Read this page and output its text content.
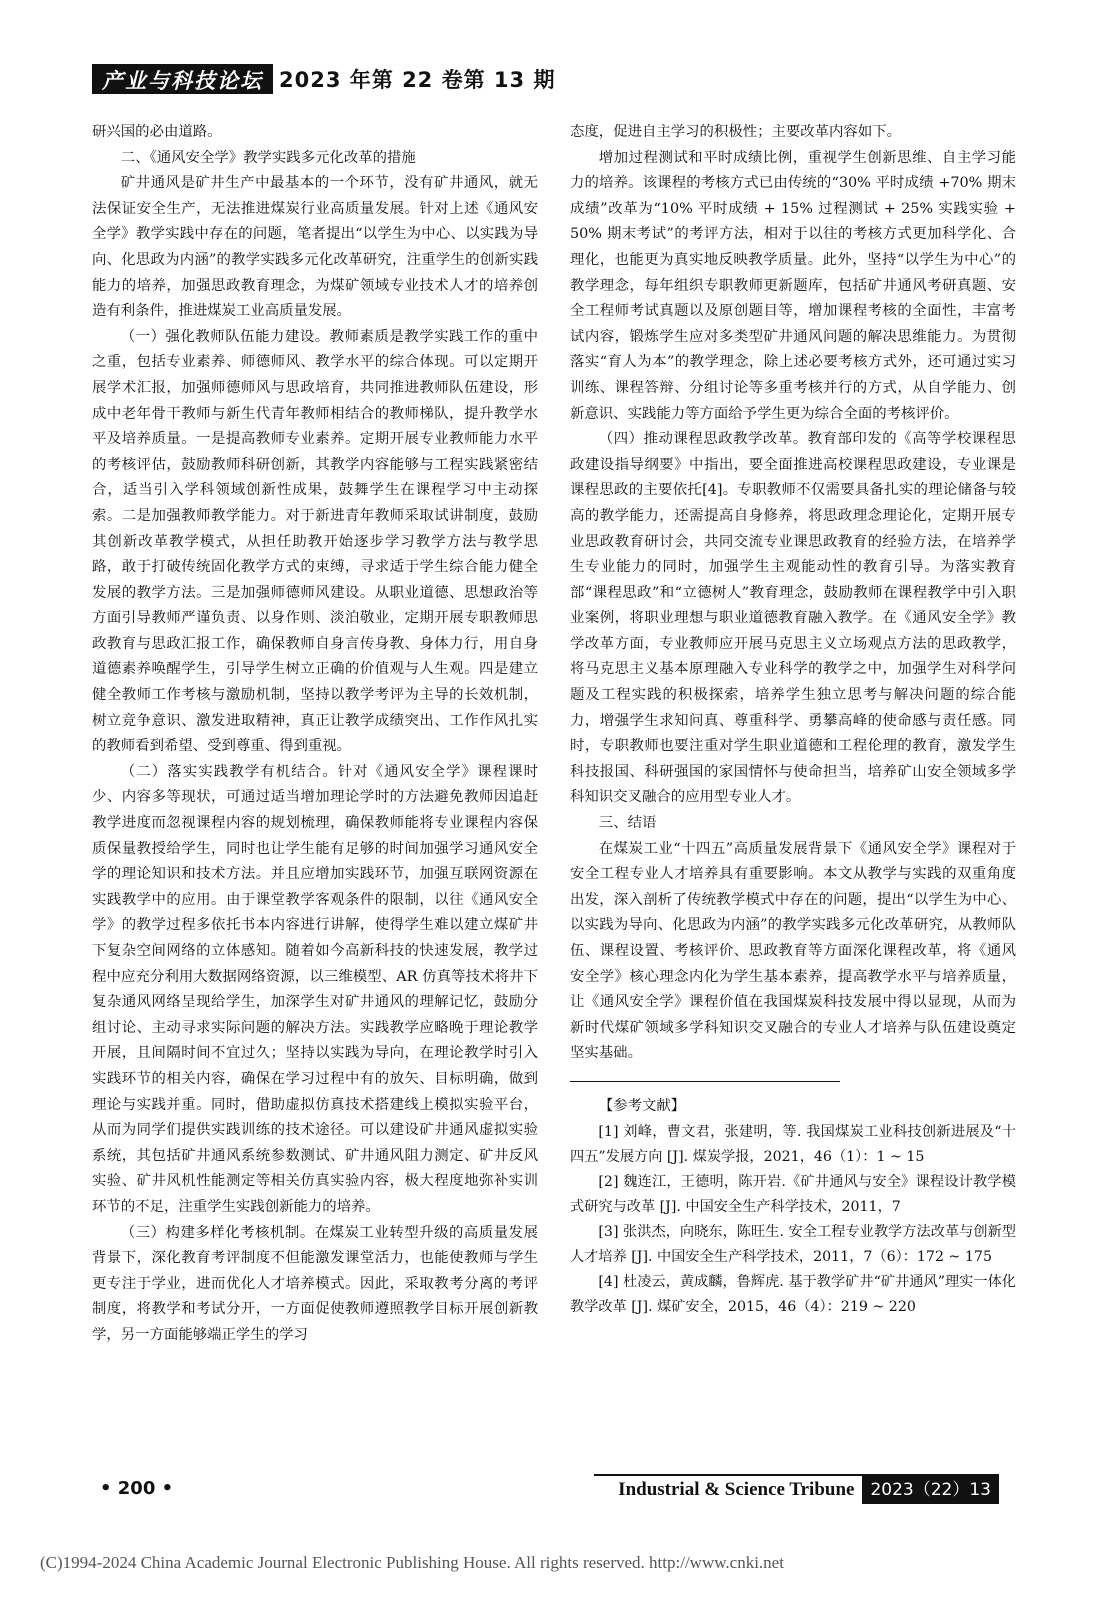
产业与科技论坛 2023 年第 22 卷第 13 期

研兴国的必由道路。

二、《通风安全学》教学实践多元化改革的措施

矿井通风是矿井生产中最基本的一个环节，没有矿井通风，就无法保证安全生产，无法推进煤炭行业高质量发展。针对上述《通风安全学》教学实践中存在的问题，笔者提出“以学生为中心、以实践为导向、化思政为内涵”的教学实践多元化改革研究，注重学生的创新实践能力的培养，加强思政教育理念，为煤矿领域专业技术人才的培养创造有利条件，推进煤炭工业高质量发展。

（一）强化教师队伍能力建设。教师素质是教学实践工作的重中之重，包括专业素养、师德师风、教学水平的综合体现。可以定期开展学术汇报，加强师德师风与思政培育，共同推进教师队伍建设，形成中老年骨干教师与新生代青年教师相结合的教师梯队，提升教学水平及培养质量。一是提高教师专业素养。定期开展专业教师能力水平的考核评估，鼓励教师科研创新，其教学内容能够与工程实践紧密结合，适当引入学科领域创新性成果，鼓舞学生在课程学习中主动探索。二是加强教师教学能力。对于新进青年教师采取试讲制度，鼓励其创新改革教学模式，从担任助教开始逐步学习教学方法与教学思路，敢于打破传统固化教学方式的束缚，寻求适于学生综合能力健全发展的教学方法。三是加强师德师风建设。从职业道德、思想政治等方面引导教师严谨负责、以身作则、淡泊敬业，定期开展专职教师思政教育与思政汇报工作，确保教师自身言传身教、身体力行，用自身道德素养唤醒学生，引导学生树立正确的价值观与人生观。四是建立健全教师工作考核与激励机制，坚持以教学考评为主导的长效机制，树立竞争意识、激发进取精神，真正让教学成绩突出、工作作风扎实的教师看到希望、受到尊重、得到重视。

（二）落实实践教学有机结合。针对《通风安全学》课程课时少、内容多等现状，可通过适当增加理论学时的方法避免教师因追赶教学进度而忽视课程内容的规划梳理，确保教师能将专业课程内容保质保量教授给学生，同时也让学生能有足够的时间加强学习通风安全学的理论知识和技术方法。并且应增加实践环节，加强互联网资源在实践教学中的应用。由于课堂教学客观条件的限制，以往《通风安全学》的教学过程多依托书本内容进行讲解，使得学生难以建立煤矿井下复杂空间网络的立体感知。随着如今高新科技的快速发展，教学过程中应充分利用大数据网络资源，以三维模型、AR 仿真等技术将井下复杂通风网络呈现给学生，加深学生对矿井通风的理解记忆，鼓励分组讨论、主动寻求实际问题的解决方法。实践教学应略晚于理论教学开展，且间隔时间不宜过久；坚持以实践为导向，在理论教学时引入实践环节的相关内容，确保在学习过程中有的放矢、目标明确，做到理论与实践并重。同时，借助虚拟仿真技术搭建线上模拟实验平台，从而为同学们提供实践训练的技术途径。可以建设矿井通风虚拟实验系统，其包括矿井通风系统参数测试、矿井通风阻力测定、矿井反风实验、矿井风机性能测定等相关仿真实验内容，极大程度地弥补实训环节的不足，注重学生实践创新能力的培养。

（三）构建多样化考核机制。在煤炭工业转型升级的高质量发展背景下，深化教育考评制度不但能激发课堂活力，也能使教师与学生更专注于学业，进而优化人才培养模式。因此，采取教考分离的考评制度，将教学和考试分开，一方面促使教师遵照教学目标开展创新教学，另一方面能够端正学生的学习

态度，促进自主学习的积极性；主要改革内容如下。

增加过程测试和平时成绩比例，重视学生创新思维、自主学习能力的培养。该课程的考核方式已由传统的“30% 平时成绩 +70% 期末成绩”改革为“10% 平时成绩 + 15% 过程测试 + 25% 实践实验 + 50% 期末考试”的考评方法，相对于以往的考核方式更加科学化、合理化，也能更为真实地反映教学质量。此外，坚持“以学生为中心”的教学理念，每年组织专职教师更新题库，包括矿井通风考研真题、安全工程师考试真题以及原创题目等，增加课程考核的全面性，丰富考试内容，锻炼学生应对多类型矿井通风问题的解决思维能力。为贯彻落实“育人为本”的教学理念，除上述必要考核方式外，还可通过实习训练、课程答辩、分组讨论等多重考核并行的方式，从自学能力、创新意识、实践能力等方面给予学生更为综合全面的考核评价。

（四）推动课程思政教学改革。教育部印发的《高等学校课程思政建设指导纲要》中指出，要全面推进高校课程思政建设，专业课是课程思政的主要依托[4]。专职教师不仅需要具备扎实的理论储备与较高的教学能力，还需提高自身修养，将思政理念理论化，定期开展专业思政教育研讨会，共同交流专业课思政教育的经验方法，在培养学生专业能力的同时，加强学生主观能动性的教育引导。为落实教育部“课程思政”和“立德树人”教育理念，鼓励教师在课程教学中引入职业案例，将职业理想与职业道德教育融入教学。在《通风安全学》教学改革方面，专业教师应开展马克思主义立场观点方法的思政教学，将马克思主义基本原理融入专业科学的教学之中，加强学生对科学问题及工程实践的积极探索，培养学生独立思考与解决问题的综合能力，增强学生求知问真、尊重科学、勇攀高峰的使命感与责任感。同时，专职教师也要注重对学生职业道德和工程伦理的教育，激发学生科技报国、科研强国的家国情怀与使命担当，培养矿山安全领域多学科知识交叉融合的应用型专业人才。

三、结语

在煤炭工业“十四五”高质量发展背景下《通风安全学》课程对于安全工程专业人才培养具有重要影响。本文从教学与实践的双重角度出发，深入剖析了传统教学模式中存在的问题，提出“以学生为中心、以实践为导向、化思政为内涵”的教学实践多元化改革研究，从教师队伍、课程设置、考核评价、思政教育等方面深化课程改革，将《通风安全学》核心理念内化为学生基本素养，提高教学水平与培养质量，让《通风安全学》课程价值在我国煤炭科技发展中得以显现，从而为新时代煤矿领域多学科知识交叉融合的专业人才培养与队伍建设奠定坚实基础。

【参考文献】

[1] 刘峰，曹文君，张建明，等. 我国煤炭工业科技创新进展及“十四五”发展方向 [J]. 煤炭学报，2021，46（1）：1 ~ 15

[2] 魏连江，王德明，陈开岩.《矿井通风与安全》课程设计教学模式研究与改革 [J]. 中国安全生产科学技术，2011，7

[3] 张洪杰，向晓东，陈旺生. 安全工程专业教学方法改革与创新型人才培养 [J]. 中国安全生产科学技术，2011，7（6）：172 ~ 175

[4] 杜凌云，黄成麟，鲁辉虎. 基于教学矿井“矿井通风”理实一体化教学改革 [J]. 煤矿安全，2015，46（4）：219 ~ 220

• 200 •	Industrial & Science Tribune 2023（22）13
(C)1994-2024 China Academic Journal Electronic Publishing House. All rights reserved. http://www.cnki.net
